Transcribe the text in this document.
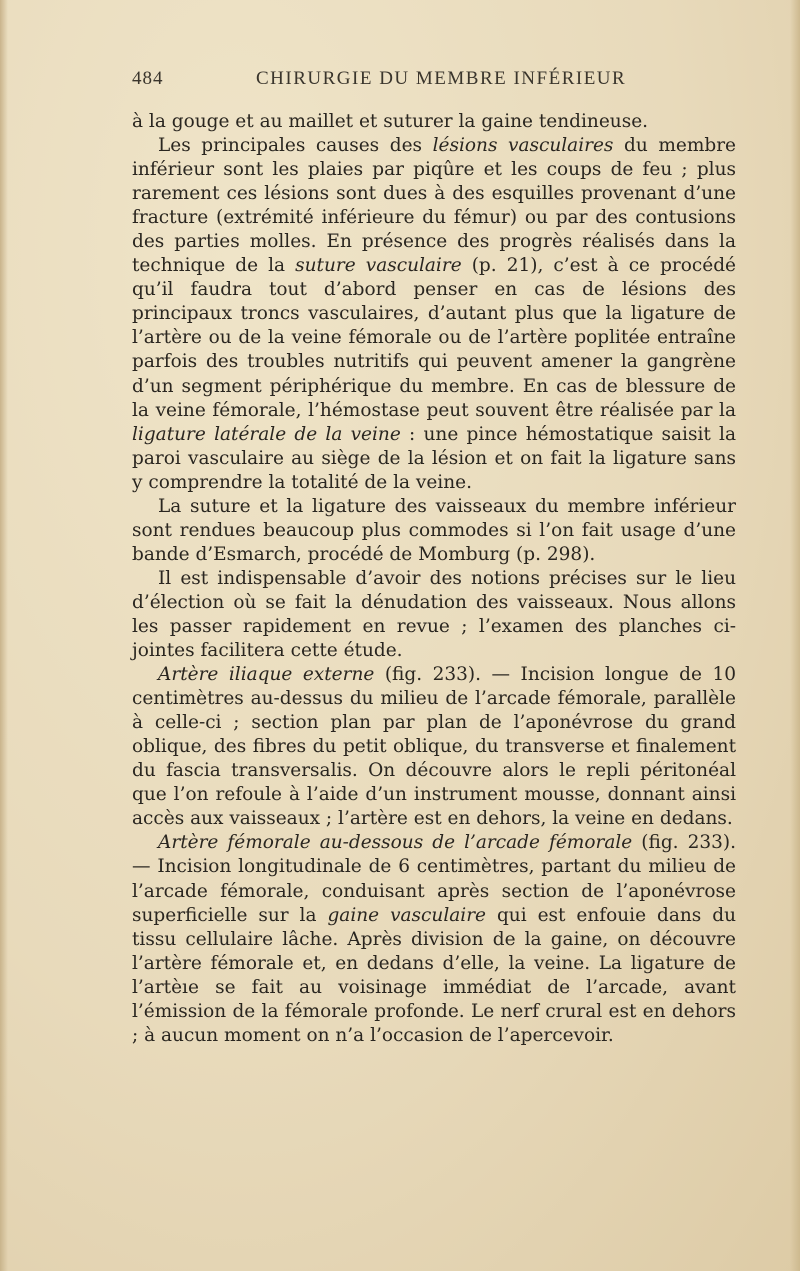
484	CHIRURGIE DU MEMBRE INFÉRIEUR

à la gouge et au maillet et suturer la gaine tendineuse.

Les principales causes des lésions vasculaires du membre inférieur sont les plaies par piqûre et les coups de feu ; plus rarement ces lésions sont dues à des esquilles provenant d’une fracture (extrémité inférieure du fémur) ou par des contusions des parties molles. En présence des progrès réalisés dans la technique de la suture vasculaire (p. 21), c’est à ce procédé qu’il faudra tout d’abord penser en cas de lésions des principaux troncs vasculaires, d’autant plus que la ligature de l’artère ou de la veine fémorale ou de l’artère poplitée entraîne parfois des troubles nutritifs qui peuvent amener la gangrène d’un segment périphérique du membre. En cas de blessure de la veine fémorale, l’hémostase peut souvent être réalisée par la ligature latérale de la veine : une pince hémostatique saisit la paroi vasculaire au siège de la lésion et on fait la ligature sans y comprendre la totalité de la veine.

La suture et la ligature des vaisseaux du membre inférieur sont rendues beaucoup plus commodes si l’on fait usage d’une bande d’Esmarch, procédé de Momburg (p. 298).

Il est indispensable d’avoir des notions précises sur le lieu d’élection où se fait la dénudation des vaisseaux. Nous allons les passer rapidement en revue ; l’examen des planches ci-jointes facilitera cette étude.

Artère iliaque externe (fig. 233). — Incision longue de 10 centimètres au-dessus du milieu de l’arcade fémorale, parallèle à celle-ci ; section plan par plan de l’aponévrose du grand oblique, des fibres du petit oblique, du transverse et finalement du fascia transversalis. On découvre alors le repli péritonéal que l’on refoule à l’aide d’un instrument mousse, donnant ainsi accès aux vaisseaux ; l’artère est en dehors, la veine en dedans.

Artère fémorale au-dessous de l’arcade fémorale (fig. 233). — Incision longitudinale de 6 centimètres, partant du milieu de l’arcade fémorale, conduisant après section de l’aponévrose superficielle sur la gaine vasculaire qui est enfouie dans du tissu cellulaire lâche. Après division de la gaine, on découvre l’artère fémorale et, en dedans d’elle, la veine. La ligature de l’artèıe se fait au voisinage immédiat de l’arcade, avant l’émission de la fémorale profonde. Le nerf crural est en dehors ; à aucun moment on n’a l’occasion de l’apercevoir.
